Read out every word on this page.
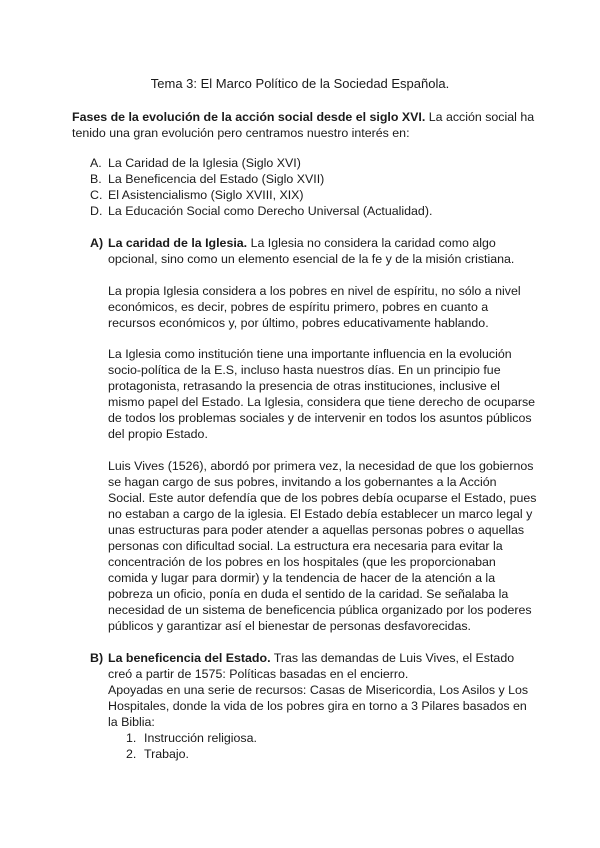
Tema 3: El Marco Político de la Sociedad Española.
Fases de la evolución de la acción social desde el siglo XVI. La acción social ha
tenido una gran evolución pero centramos nuestro interés en:
A. La Caridad de la Iglesia (Siglo XVI)
B. La Beneficencia del Estado (Siglo XVII)
C. El Asistencialismo (Siglo XVIII, XIX)
D. La Educación Social como Derecho Universal (Actualidad).
A) La caridad de la Iglesia. La Iglesia no considera la caridad como algo
opcional, sino como un elemento esencial de la fe y de la misión cristiana.
La propia Iglesia considera a los pobres en nivel de espíritu, no sólo a nivel
económicos, es decir, pobres de espíritu primero, pobres en cuanto a
recursos económicos y, por último, pobres educativamente hablando.
La Iglesia como institución tiene una importante influencia en la evolución
socio-política de la E.S, incluso hasta nuestros días. En un principio fue
protagonista, retrasando la presencia de otras instituciones, inclusive el
mismo papel del Estado. La Iglesia, considera que tiene derecho de ocuparse
de todos los problemas sociales y de intervenir en todos los asuntos públicos
del propio Estado.
Luis Vives (1526), abordó por primera vez, la necesidad de que los gobiernos
se hagan cargo de sus pobres, invitando a los gobernantes a la Acción
Social. Este autor defendía que de los pobres debía ocuparse el Estado, pues
no estaban a cargo de la iglesia. El Estado debía establecer un marco legal y
unas estructuras para poder atender a aquellas personas pobres o aquellas
personas con dificultad social. La estructura era necesaria para evitar la
concentración de los pobres en los hospitales (que les proporcionaban
comida y lugar para dormir) y la tendencia de hacer de la atención a la
pobreza un oficio, ponía en duda el sentido de la caridad. Se señalaba la
necesidad de un sistema de beneficencia pública organizado por los poderes
públicos y garantizar así el bienestar de personas desfavorecidas.
B) La beneficencia del Estado. Tras las demandas de Luis Vives, el Estado
creó a partir de 1575: Políticas basadas en el encierro.
Apoyadas en una serie de recursos: Casas de Misericordia, Los Asilos y Los
Hospitales, donde la vida de los pobres gira en torno a 3 Pilares basados en
la Biblia:
1. Instrucción religiosa.
2. Trabajo.
